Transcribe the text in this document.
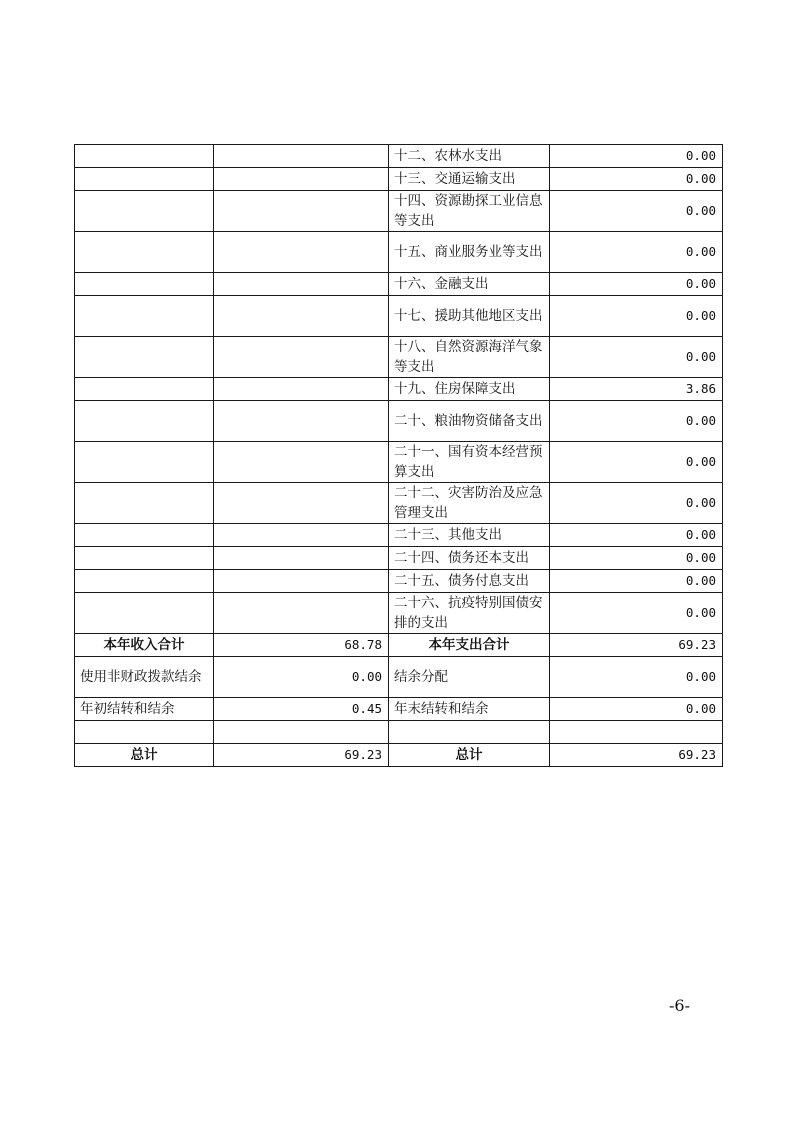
		十二、农林水支出	0.00
		十三、交通运输支出	0.00
		十四、资源勘探工业信息等支出	0.00
		十五、商业服务业等支出	0.00
		十六、金融支出	0.00
		十七、援助其他地区支出	0.00
		十八、自然资源海洋气象等支出	0.00
		十九、住房保障支出	3.86
		二十、粮油物资储备支出	0.00
		二十一、国有资本经营预算支出	0.00
		二十二、灾害防治及应急管理支出	0.00
		二十三、其他支出	0.00
		二十四、债务还本支出	0.00
		二十五、债务付息支出	0.00
		二十六、抗疫特别国债安排的支出	0.00
本年收入合计	68.78	本年支出合计	69.23
使用非财政拨款结余	0.00	结余分配	0.00
年初结转和结余	0.45	年末结转和结余	0.00

总计	69.23	总计	69.23
-6-
